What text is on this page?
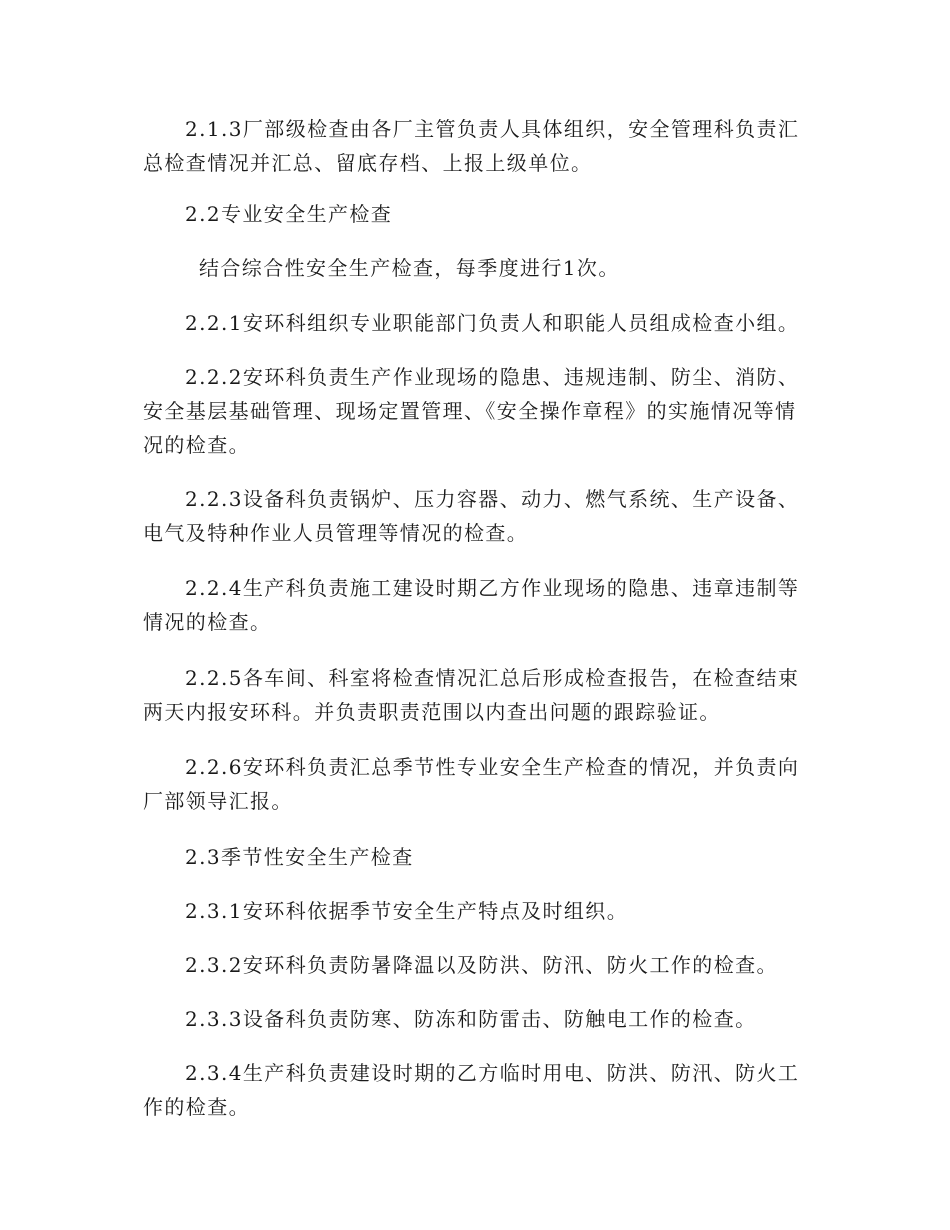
2.1.3厂部级检查由各厂主管负责人具体组织，安全管理科负责汇总检查情况并汇总、留底存档、上报上级单位。

2.2专业安全生产检查

结合综合性安全生产检查，每季度进行1次。

2.2.1安环科组织专业职能部门负责人和职能人员组成检查小组。

2.2.2安环科负责生产作业现场的隐患、违规违制、防尘、消防、安全基层基础管理、现场定置管理、《安全操作章程》的实施情况等情况的检查。

2.2.3设备科负责锅炉、压力容器、动力、燃气系统、生产设备、电气及特种作业人员管理等情况的检查。

2.2.4生产科负责施工建设时期乙方作业现场的隐患、违章违制等情况的检查。

2.2.5各车间、科室将检查情况汇总后形成检查报告，在检查结束两天内报安环科。并负责职责范围以内查出问题的跟踪验证。

2.2.6安环科负责汇总季节性专业安全生产检查的情况，并负责向厂部领导汇报。

2.3季节性安全生产检查

2.3.1安环科依据季节安全生产特点及时组织。

2.3.2安环科负责防暑降温以及防洪、防汛、防火工作的检查。

2.3.3设备科负责防寒、防冻和防雷击、防触电工作的检查。

2.3.4生产科负责建设时期的乙方临时用电、防洪、防汛、防火工作的检查。
